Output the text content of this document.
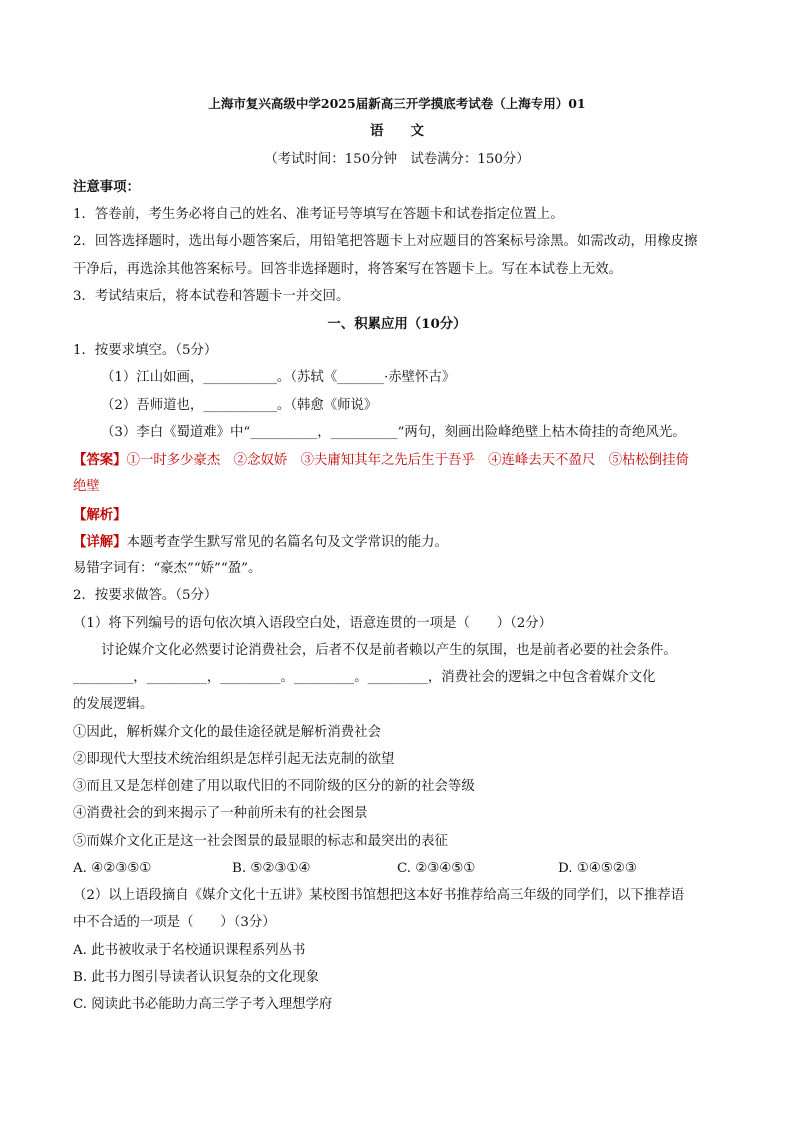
上海市复兴高级中学2025届新高三开学摸底考试卷（上海专用）01
语　　文
（考试时间：150分钟　试卷满分：150分）
注意事项：
1．答卷前，考生务必将自己的姓名、准考证号等填写在答题卡和试卷指定位置上。
2．回答选择题时，选出每小题答案后，用铅笔把答题卡上对应题目的答案标号涂黑。如需改动，用橡皮擦
干净后，再选涂其他答案标号。回答非选择题时，将答案写在答题卡上。写在本试卷上无效。
3．考试结束后，将本试卷和答题卡一并交回。
一、积累应用（10分）
1．按要求填空。（5分）
（1）江山如画，___________。（苏轼《_______·赤壁怀古》
（2）吾师道也，___________。（韩愈《师说》
（3）李白《蜀道难》中“__________，__________”两句，刻画出险峰绝壁上枯木倚挂的奇绝风光。
【答案】①一时多少豪杰　②念奴娇　③夫庸知其年之先后生于吾乎　④连峰去天不盈尺　⑤枯松倒挂倚
绝壁
【解析】
【详解】本题考查学生默写常见的名篇名句及文学常识的能力。
易错字词有：“豪杰”“娇”“盈”。
2．按要求做答。（5分）
（1）将下列编号的语句依次填入语段空白处，语意连贯的一项是（　　）（2分）
讨论媒介文化必然要讨论消费社会，后者不仅是前者赖以产生的氛围，也是前者必要的社会条件。
_________，_________，_________。_________。_________，消费社会的逻辑之中包含着媒介文化
的发展逻辑。
①因此，解析媒介文化的最佳途径就是解析消费社会
②即现代大型技术统治组织是怎样引起无法克制的欲望
③而且又是怎样创建了用以取代旧的不同阶级的区分的新的社会等级
④消费社会的到来揭示了一种前所未有的社会图景
⑤而媒介文化正是这一社会图景的最显眼的标志和最突出的表征
A. ④②③⑤①	B. ⑤②③①④	C. ②③④⑤①	D. ①④⑤②③
（2）以上语段摘自《媒介文化十五讲》某校图书馆想把这本好书推荐给高三年级的同学们，以下推荐语
中不合适的一项是（　　）（3分）
A. 此书被收录于名校通识课程系列丛书
B. 此书力图引导读者认识复杂的文化现象
C. 阅读此书必能助力高三学子考入理想学府
